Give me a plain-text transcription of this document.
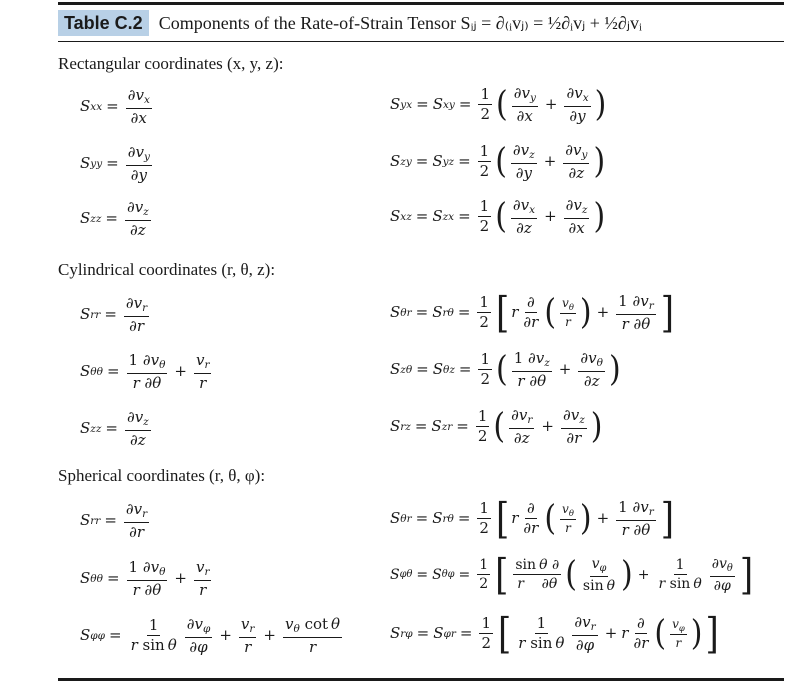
Table C.2 Components of the Rate-of-Strain Tensor Sᵢⱼ = ∂₍ᵢvⱼ₎ = ½∂ᵢvⱼ + ½∂ⱼvᵢ
Rectangular coordinates (x, y, z):
S xx = $\frac{\partial v_x}{\partial x}$	S yx = S xy = $\frac{1}{2}$ ( $\frac{\partial v_y}{\partial x} + \frac{\partial v_x}{\partial y}$ )
S yy = $\frac{\partial v_y}{\partial y}$	S zy = S yz = $\frac{1}{2}$ ( $\frac{\partial v_z}{\partial y} + \frac{\partial v_y}{\partial z}$ )
S zz = $\frac{\partial v_z}{\partial z}$	S xz = S zx = $\frac{1}{2}$ ( $\frac{\partial v_x}{\partial z} + \frac{\partial v_z}{\partial x}$ )
Cylindrical coordinates (r, θ, z):
S rr = $\frac{\partial v_r}{\partial r}$	S θr = S $r\theta = \frac{1}{2}$ [ r $\frac{\partial}{\partial r}$ ( $\frac{v_\theta}{r}$ ) + $\frac{1 \partial v_r}{r \partial\theta}$ ]
S $\theta\theta = \frac{1 \partial v_\theta}{r \partial\theta} + \frac{v_r}{r}$	S zθ = S $\theta z = \frac{1}{2}$ ( $\frac{1 \partial v_z}{r \partial\theta} + \frac{\partial v_\theta}{\partial z}$ )
S zz = $\frac{\partial v_z}{\partial z}$	S rz = S zr = $\frac{1}{2}$ ( $\frac{\partial v_r}{\partial z} + \frac{\partial v_z}{\partial r}$ )
Spherical coordinates (r, θ, φ):
S rr = $\frac{\partial v_r}{\partial r}$	S θr = S $r\theta = \frac{1}{2}$ [ r $\frac{\partial}{\partial r}$ ( $\frac{v_\theta}{r}$ ) + $\frac{1 \partial v_r}{r \partial\theta}$ ]
S $\theta\theta = \frac{1 \partial v_\theta}{r \partial\theta} + \frac{v_r}{r}$	S φθ = S $\theta\varphi = \frac{1}{2}$ [ $\frac{\text{sin θ ∂}}{r \partial\theta}$ ( $\frac{v_\varphi}{\text{sin θ}}$ ) + $\frac{1}{\text{r sin θ}} \frac{\partial v_\theta}{\partial\varphi}$ ]
S $\varphi\varphi = \frac{1}{\text{r sin θ}} \frac{\partial v_\varphi}{\partial\varphi} + \frac{v_r}{r} + \frac{v_\theta \cot \theta}{r}$	S rφ = S $\varphi r = \frac{1}{2}$ [ $\frac{1}{\text{r sin θ}} \frac{\partial v_r}{\partial\varphi} + r \frac{\partial}{\partial r}$ ( $\frac{v_\varphi}{r}$ ) ]
